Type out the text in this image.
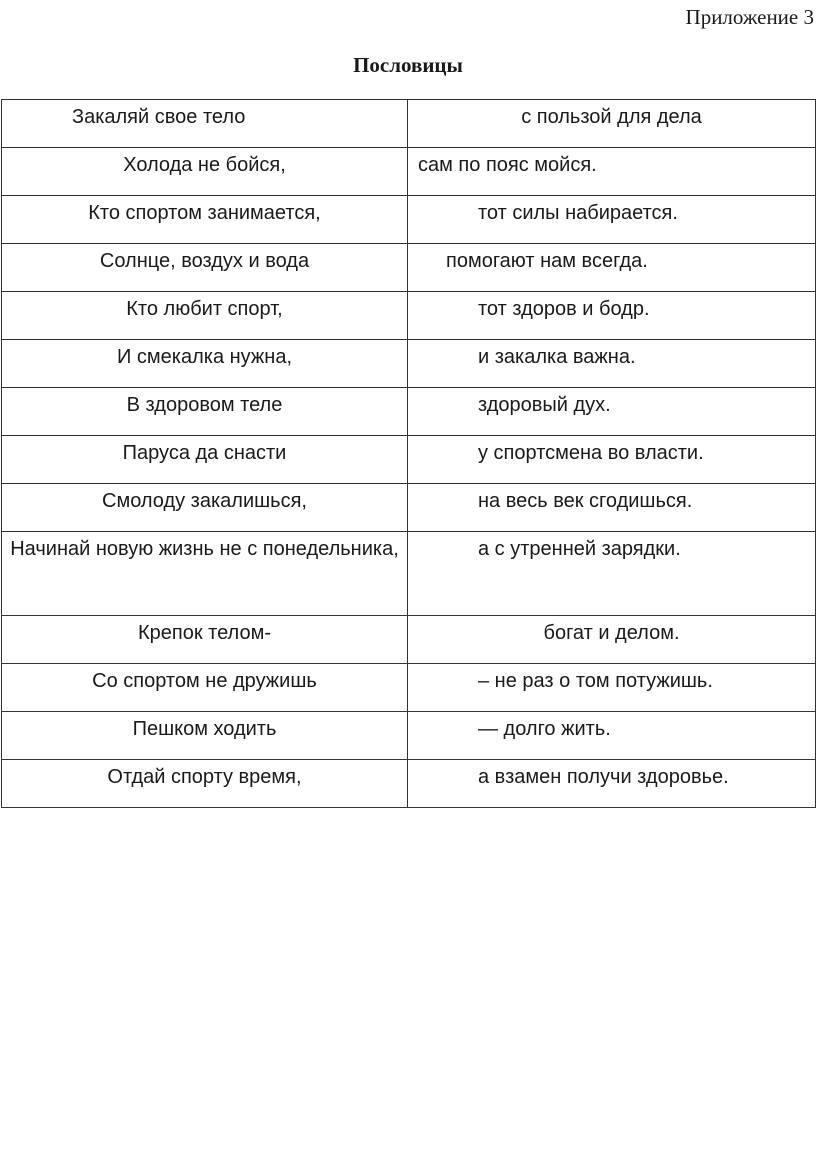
Приложение 3
Пословицы
Закаляй свое тело	с пользой для дела
Холода не бойся,	сам по пояс мойся.
Кто спортом занимается,	тот силы набирается.
Солнце, воздух и вода	помогают нам всегда.
Кто любит спорт,	тот здоров и бодр.
И смекалка нужна,	и закалка важна.
В здоровом теле	здоровый дух.
Паруса да снасти	у спортсмена во власти.
Смолоду закалишься,	на весь век сгодишься.
Начинай новую жизнь не с понедельника,	а с утренней зарядки.
Крепок телом-	богат и делом.
Со спортом не дружишь	– не раз о том потужишь.
Пешком ходить	— долго жить.
Отдай спорту время,	а взамен получи здоровье.
